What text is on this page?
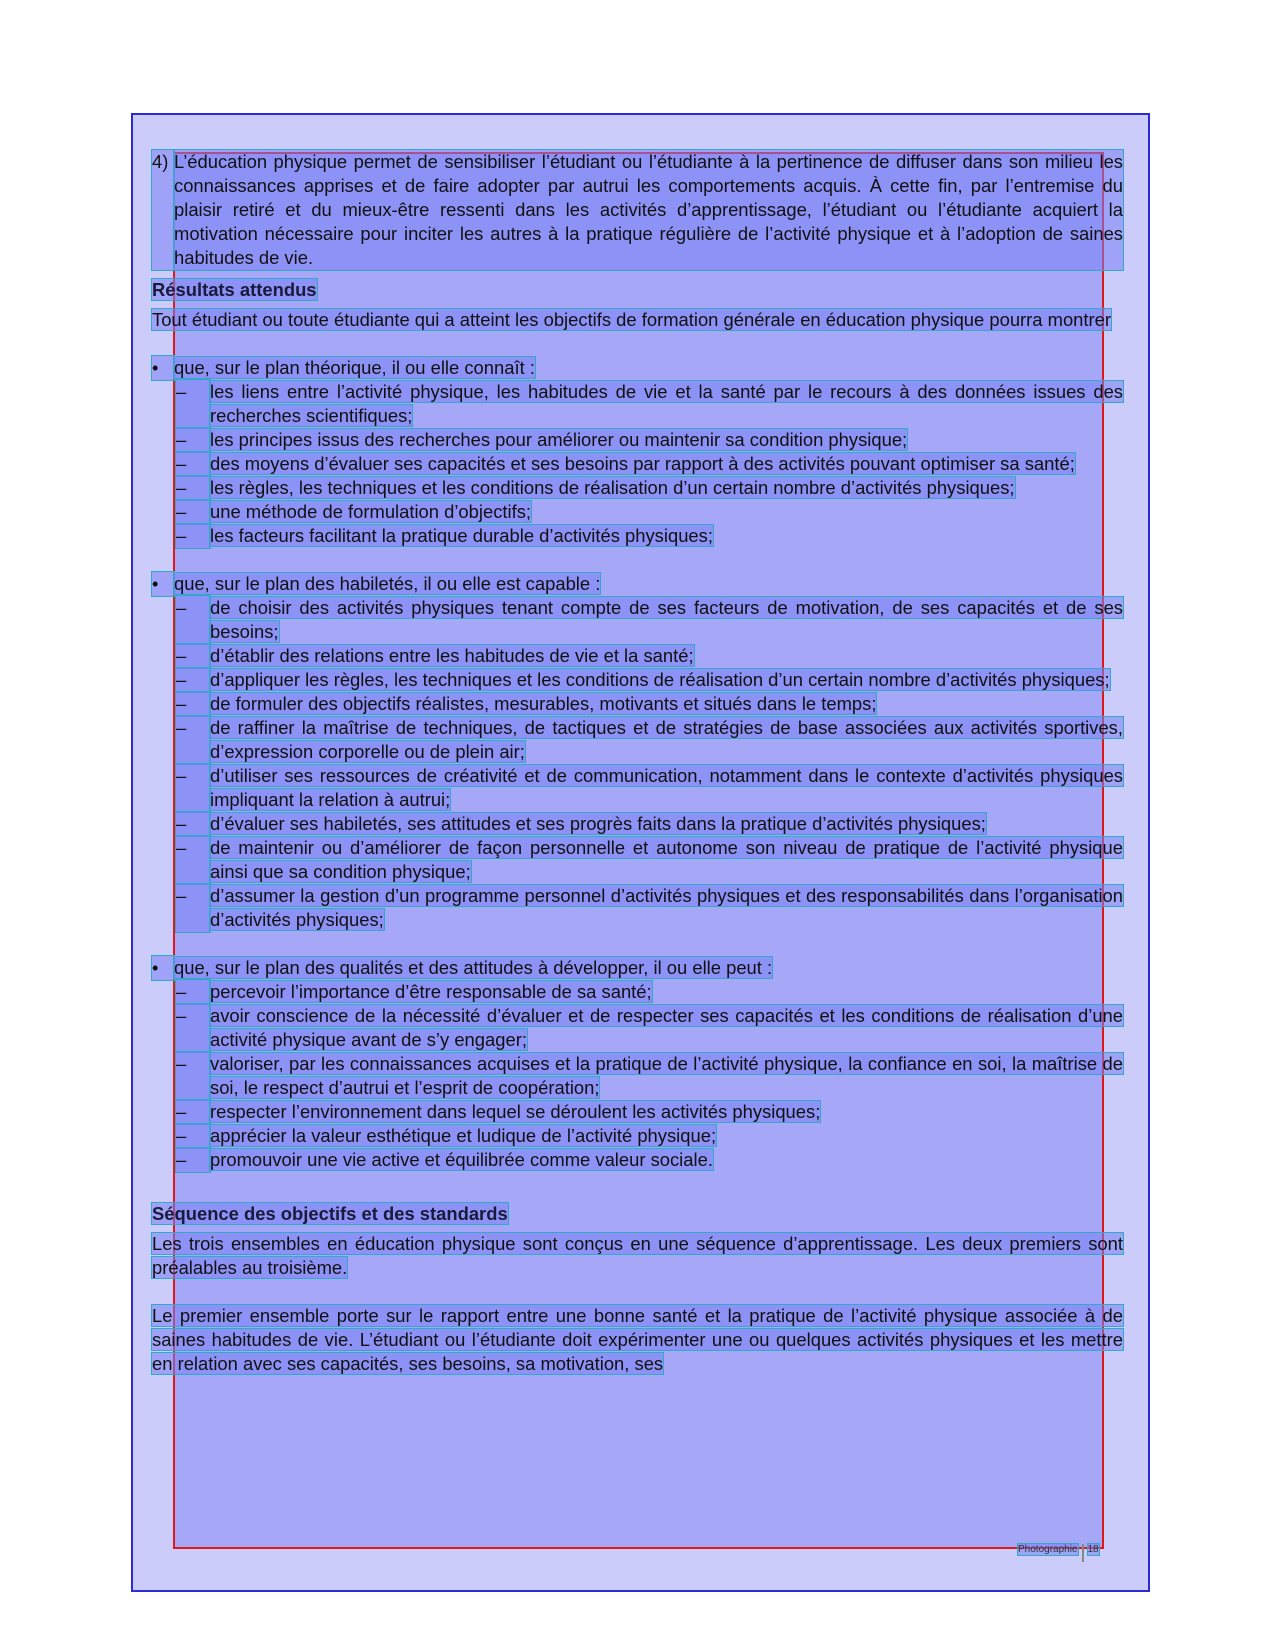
4) L’éducation physique permet de sensibiliser l’étudiant ou l’étudiante à la pertinence de diffuser dans son milieu les connaissances apprises et de faire adopter par autrui les comportements acquis. À cette fin, par l’entremise du plaisir retiré et du mieux-être ressenti dans les activités d’apprentissage, l’étudiant ou l’étudiante acquiert la motivation nécessaire pour inciter les autres à la pratique régulière de l’activité physique et à l’adoption de saines habitudes de vie.
Résultats attendus

Tout étudiant ou toute étudiante qui a atteint les objectifs de formation générale en éducation physique pourra montrer

• que, sur le plan théorique, il ou elle connaît :
–	les liens entre l’activité physique, les habitudes de vie et la santé par le recours à des données issues des recherches scientifiques;
–	les principes issus des recherches pour améliorer ou maintenir sa condition physique;
–	des moyens d’évaluer ses capacités et ses besoins par rapport à des activités pouvant optimiser sa santé;
–	les règles, les techniques et les conditions de réalisation d’un certain nombre d’activités physiques;
–	une méthode de formulation d’objectifs;
–	les facteurs facilitant la pratique durable d’activités physiques;
• que, sur le plan des habiletés, il ou elle est capable :
–	de choisir des activités physiques tenant compte de ses facteurs de motivation, de ses capacités et de ses besoins;
–	d’établir des relations entre les habitudes de vie et la santé;
–	d’appliquer les règles, les techniques et les conditions de réalisation d’un certain nombre d’activités physiques;
–	de formuler des objectifs réalistes, mesurables, motivants et situés dans le temps;
–	de raffiner la maîtrise de techniques, de tactiques et de stratégies de base associées aux activités sportives, d’expression corporelle ou de plein air;
–	d’utiliser ses ressources de créativité et de communication, notamment dans le contexte d’activités physiques impliquant la relation à autrui;
–	d’évaluer ses habiletés, ses attitudes et ses progrès faits dans la pratique d’activités physiques;
–	de maintenir ou d’améliorer de façon personnelle et autonome son niveau de pratique de l’activité physique ainsi que sa condition physique;
–	d’assumer la gestion d’un programme personnel d’activités physiques et des responsabilités dans l’organisation d’activités physiques;
• que, sur le plan des qualités et des attitudes à développer, il ou elle peut :
–	percevoir l’importance d’être responsable de sa santé;
–	avoir conscience de la nécessité d’évaluer et de respecter ses capacités et les conditions de réalisation d’une activité physique avant de s’y engager;
–	valoriser, par les connaissances acquises et la pratique de l’activité physique, la confiance en soi, la maîtrise de soi, le respect d’autrui et l’esprit de coopération;
–	respecter l’environnement dans lequel se déroulent les activités physiques;
–	apprécier la valeur esthétique et ludique de l’activité physique;
–	promouvoir une vie active et équilibrée comme valeur sociale.
Séquence des objectifs et des standards

Les trois ensembles en éducation physique sont conçus en une séquence d’apprentissage. Les deux premiers sont préalables au troisième.

Le premier ensemble porte sur le rapport entre une bonne santé et la pratique de l’activité physique associée à de saines habitudes de vie. L’étudiant ou l’étudiante doit expérimenter une ou quelques activités physiques et les mettre en relation avec ses capacités, ses besoins, sa motivation, ses

Photographie 18
